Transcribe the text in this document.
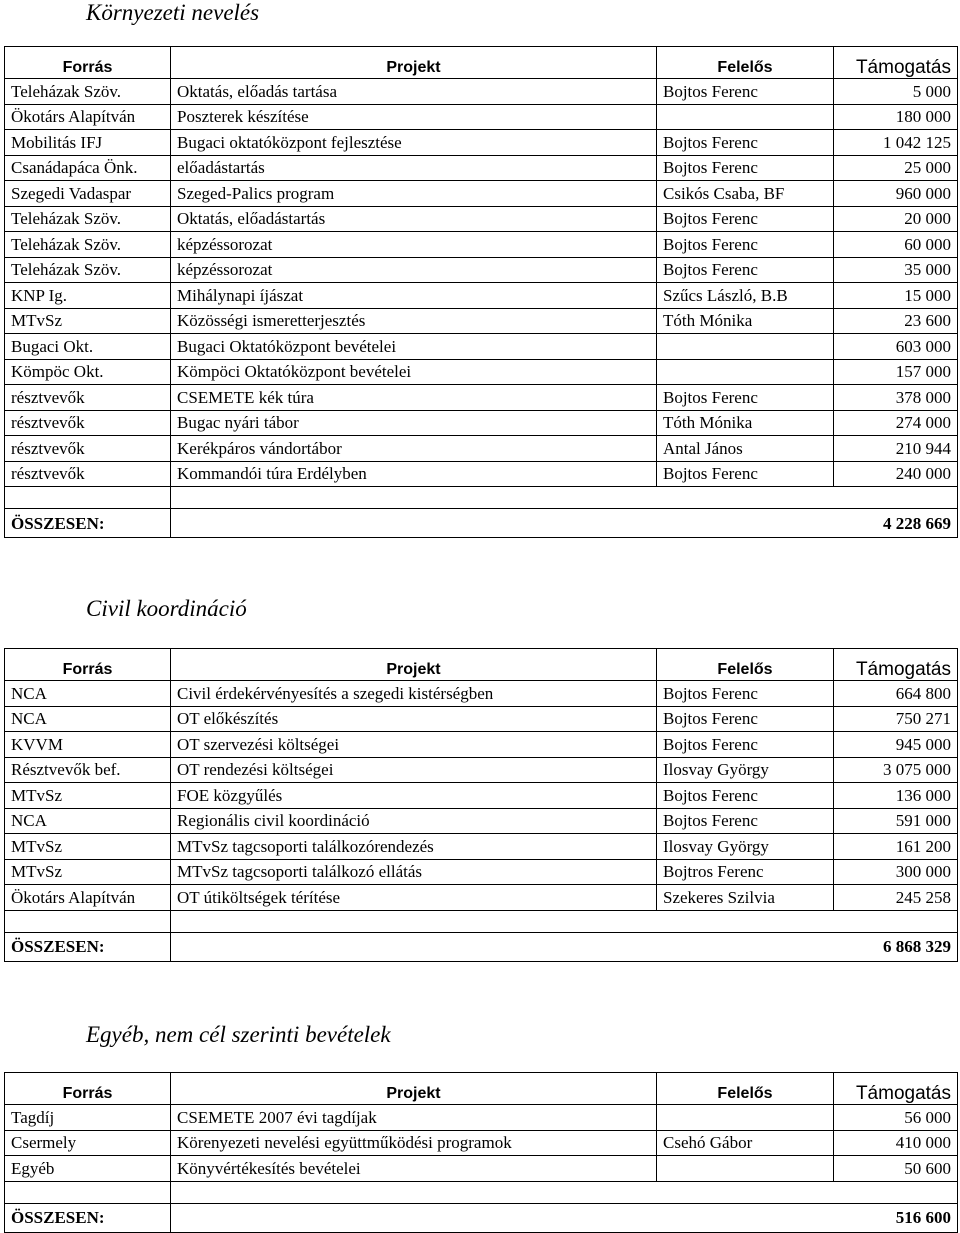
Környezeti nevelés
Forrás	Projekt	Felelős	Támogatás
Teleházak Szöv.	Oktatás, előadás tartása	Bojtos Ferenc	5 000
Ökotárs Alapítván	Poszterek készítése		180 000
Mobilitás IFJ	Bugaci oktatóközpont fejlesztése	Bojtos Ferenc	1 042 125
Csanádapáca Önk.	előadástartás	Bojtos Ferenc	25 000
Szegedi Vadaspar	Szeged-Palics program	Csikós Csaba, BF	960 000
Teleházak Szöv.	Oktatás, előadástartás	Bojtos Ferenc	20 000
Teleházak Szöv.	képzéssorozat	Bojtos Ferenc	60 000
Teleházak Szöv.	képzéssorozat	Bojtos Ferenc	35 000
KNP Ig.	Mihálynapi íjászat	Szűcs László, B.B	15 000
MTvSz	Közösségi ismeretterjesztés	Tóth Mónika	23 600
Bugaci Okt.	Bugaci Oktatóközpont bevételei		603 000
Kömpöc Okt.	Kömpöci Oktatóközpont bevételei		157 000
résztvevők	CSEMETE kék túra	Bojtos Ferenc	378 000
résztvevők	Bugac nyári tábor	Tóth Mónika	274 000
résztvevők	Kerékpáros vándortábor	Antal János	210 944
résztvevők	Kommandói túra Erdélyben	Bojtos Ferenc	240 000

ÖSSZESEN:	4 228 669		
Civil koordináció
Forrás	Projekt	Felelős	Támogatás
NCA	Civil érdekérvényesítés a szegedi kistérségben	Bojtos Ferenc	664 800
NCA	OT előkészítés	Bojtos Ferenc	750 271
KVVM	OT szervezési költségei	Bojtos Ferenc	945 000
Résztvevők bef.	OT rendezési költségei	Ilosvay György	3 075 000
MTvSz	FOE közgyűlés	Bojtos Ferenc	136 000
NCA	Regionális civil koordináció	Bojtos Ferenc	591 000
MTvSz	MTvSz tagcsoporti találkozórendezés	Ilosvay György	161 200
MTvSz	MTvSz tagcsoporti találkozó ellátás	Bojtros Ferenc	300 000
Ökotárs Alapítván	OT útiköltségek térítése	Szekeres Szilvia	245 258

ÖSSZESEN:	6 868 329		
Egyéb, nem cél szerinti bevételek
Forrás	Projekt	Felelős	Támogatás
Tagdíj	CSEMETE 2007 évi tagdíjak		56 000
Csermely	Körenyezeti nevelési együttműködési programok	Csehó Gábor	410 000
Egyéb	Könyvértékesítés bevételei		50 600

ÖSSZESEN:	516 600		
